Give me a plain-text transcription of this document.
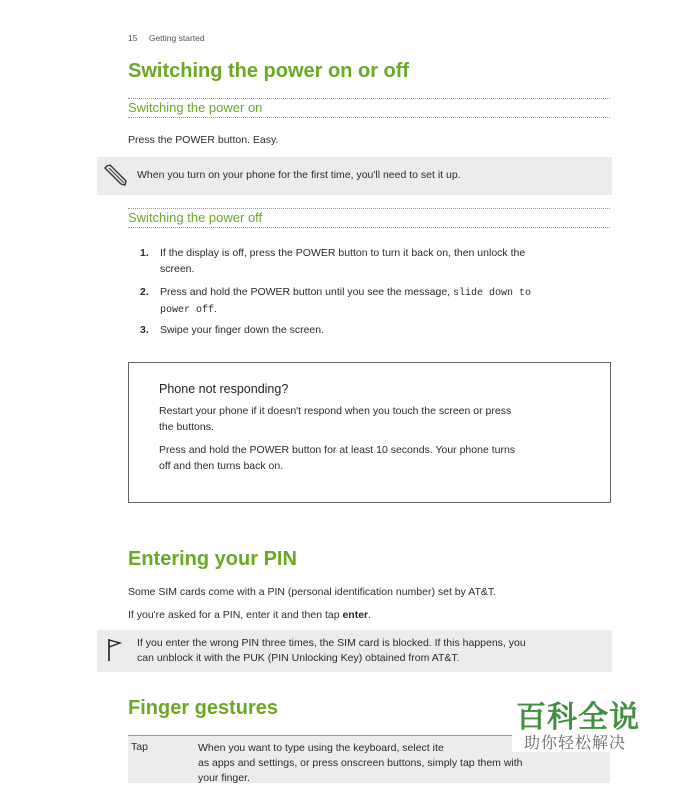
15 Getting started
Switching the power on or off
Switching the power on
Press the POWER button. Easy.
When you turn on your phone for the first time, you'll need to set it up.
Switching the power off
1. If the display is off, press the POWER button to turn it back on, then unlock the
screen.
2. Press and hold the POWER button until you see the message, slide down to
power off.
3. Swipe your finger down the screen.
Phone not responding?
Restart your phone if it doesn't respond when you touch the screen or press
the buttons.
Press and hold the POWER button for at least 10 seconds. Your phone turns
off and then turns back on.
Entering your PIN
Some SIM cards come with a PIN (personal identification number) set by AT&T.
If you're asked for a PIN, enter it and then tap enter.
If you enter the wrong PIN three times, the SIM card is blocked. If this happens, you
can unblock it with the PUK (PIN Unlocking Key) obtained from AT&T.
Finger gestures
Tap	When you want to type using the keyboard, select ite
as apps and settings, or press onscreen buttons, simply tap them with
your finger.
百科全说
助你轻松解决
